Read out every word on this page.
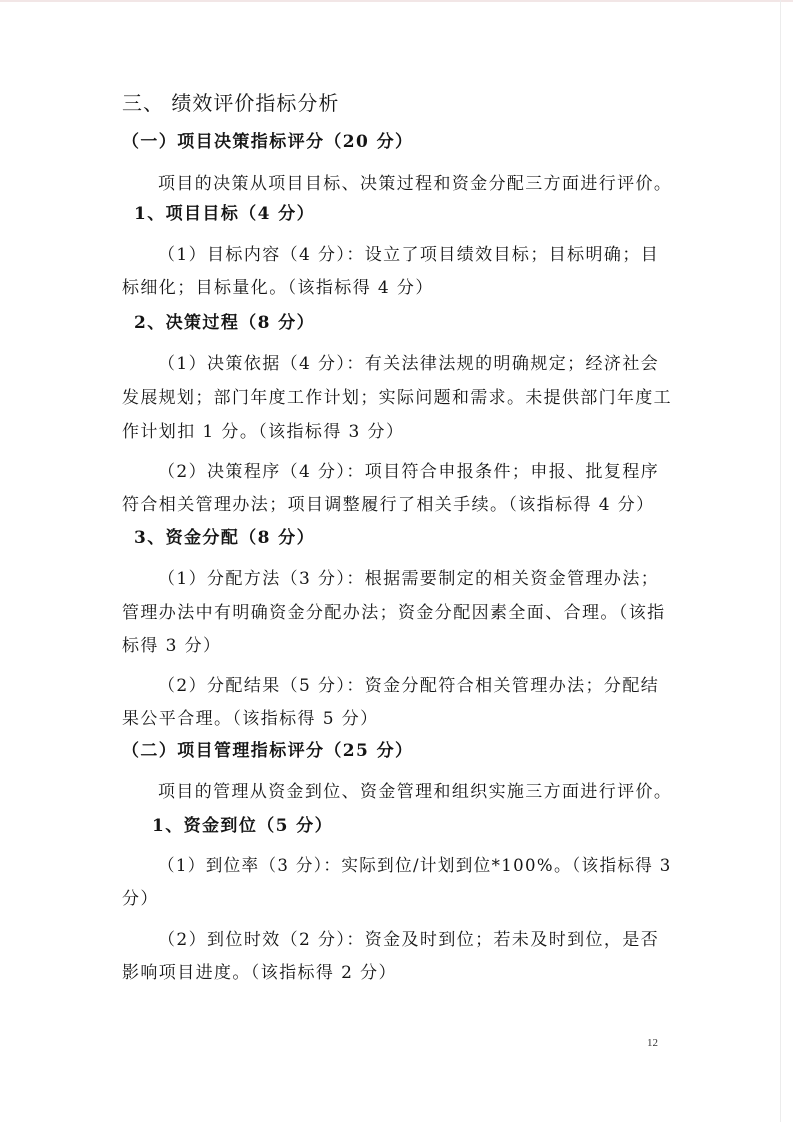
三、 绩效评价指标分析
（一）项目决策指标评分（20 分）
项目的决策从项目目标、决策过程和资金分配三方面进行评价。
1、项目目标（4 分）
（1）目标内容（4 分）：设立了项目绩效目标；目标明确；目
标细化；目标量化。（该指标得 4 分）
2、决策过程（8 分）
（1）决策依据（4 分）：有关法律法规的明确规定；经济社会
发展规划；部门年度工作计划；实际问题和需求。未提供部门年度工
作计划扣 1 分。（该指标得 3 分）
（2）决策程序（4 分）：项目符合申报条件；申报、批复程序
符合相关管理办法；项目调整履行了相关手续。（该指标得 4 分）
3、资金分配（8 分）
（1）分配方法（3 分）：根据需要制定的相关资金管理办法；
管理办法中有明确资金分配办法；资金分配因素全面、合理。（该指
标得 3 分）
（2）分配结果（5 分）：资金分配符合相关管理办法；分配结
果公平合理。（该指标得 5 分）
（二）项目管理指标评分（25 分）
项目的管理从资金到位、资金管理和组织实施三方面进行评价。
1、资金到位（5 分）
（1）到位率（3 分）：实际到位/计划到位*100%。（该指标得 3
分）
（2）到位时效（2 分）：资金及时到位；若未及时到位，是否
影响项目进度。（该指标得 2 分）
12
